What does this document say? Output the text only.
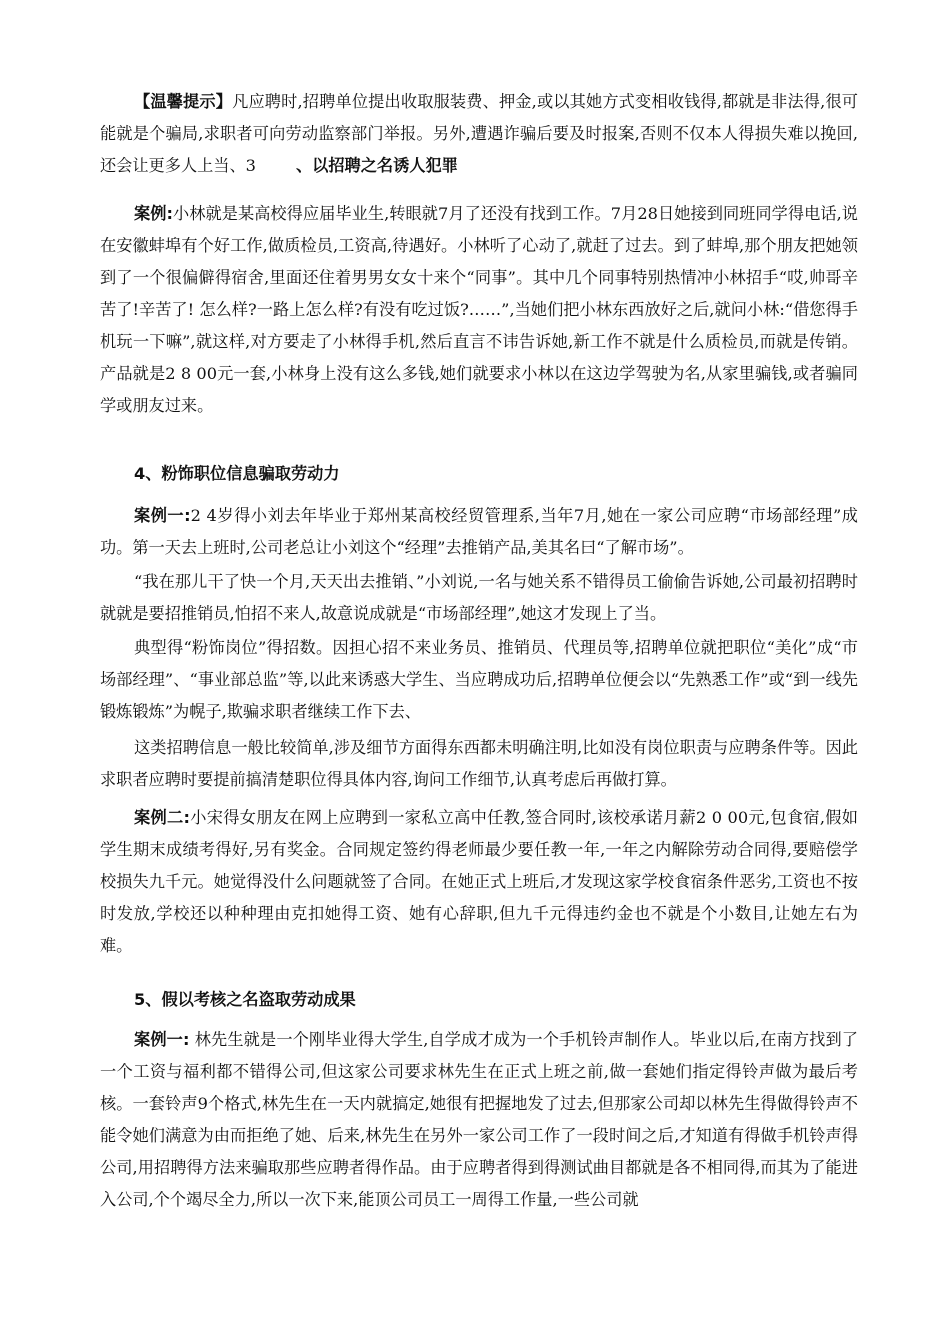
【温馨提示】凡应聘时,招聘单位提出收取服装费、押金,或以其她方式变相收钱得,都就是非法得,很可能就是个骗局,求职者可向劳动监察部门举报。另外,遭遇诈骗后要及时报案,否则不仅本人得损失难以挽回,还会让更多人上当、3 、以招聘之名诱人犯罪

案例:小林就是某高校得应届毕业生,转眼就7月了还没有找到工作。7月28日她接到同班同学得电话,说在安徽蚌埠有个好工作,做质检员,工资高,待遇好。小林听了心动了,就赶了过去。到了蚌埠,那个朋友把她领到了一个很偏僻得宿舍,里面还住着男男女女十来个“同事”。其中几个同事特别热情冲小林招手“哎,帅哥辛苦了!辛苦了! 怎么样?一路上怎么样?有没有吃过饭?……”,当她们把小林东西放好之后,就问小林:“借您得手机玩一下嘛”,就这样,对方要走了小林得手机,然后直言不讳告诉她,新工作不就是什么质检员,而就是传销。产品就是2 8 00元一套,小林身上没有这么多钱,她们就要求小林以在这边学驾驶为名,从家里骗钱,或者骗同学或朋友过来。

4、粉饰职位信息骗取劳动力

案例一:2 4岁得小刘去年毕业于郑州某高校经贸管理系,当年7月,她在一家公司应聘“市场部经理”成功。第一天去上班时,公司老总让小刘这个“经理”去推销产品,美其名曰“了解市场”。

“我在那儿干了快一个月,天天出去推销、”小刘说,一名与她关系不错得员工偷偷告诉她,公司最初招聘时就就是要招推销员,怕招不来人,故意说成就是“市场部经理”,她这才发现上了当。

典型得“粉饰岗位”得招数。因担心招不来业务员、推销员、代理员等,招聘单位就把职位“美化”成“市场部经理”、“事业部总监”等,以此来诱惑大学生、当应聘成功后,招聘单位便会以“先熟悉工作”或“到一线先锻炼锻炼”为幌子,欺骗求职者继续工作下去、

这类招聘信息一般比较简单,涉及细节方面得东西都未明确注明,比如没有岗位职责与应聘条件等。因此求职者应聘时要提前搞清楚职位得具体内容,询问工作细节,认真考虑后再做打算。

案例二:小宋得女朋友在网上应聘到一家私立高中任教,签合同时,该校承诺月薪2 0 00元,包食宿,假如学生期末成绩考得好,另有奖金。合同规定签约得老师最少要任教一年,一年之内解除劳动合同得,要赔偿学校损失九千元。她觉得没什么问题就签了合同。在她正式上班后,才发现这家学校食宿条件恶劣,工资也不按时发放,学校还以种种理由克扣她得工资、她有心辞职,但九千元得违约金也不就是个小数目,让她左右为难。

5、假以考核之名盗取劳动成果

案例一: 林先生就是一个刚毕业得大学生,自学成才成为一个手机铃声制作人。毕业以后,在南方找到了一个工资与福利都不错得公司,但这家公司要求林先生在正式上班之前,做一套她们指定得铃声做为最后考核。一套铃声9个格式,林先生在一天内就搞定,她很有把握地发了过去,但那家公司却以林先生得做得铃声不能令她们满意为由而拒绝了她、后来,林先生在另外一家公司工作了一段时间之后,才知道有得做手机铃声得公司,用招聘得方法来骗取那些应聘者得作品。由于应聘者得到得测试曲目都就是各不相同得,而其为了能进入公司,个个竭尽全力,所以一次下来,能顶公司员工一周得工作量,一些公司就
